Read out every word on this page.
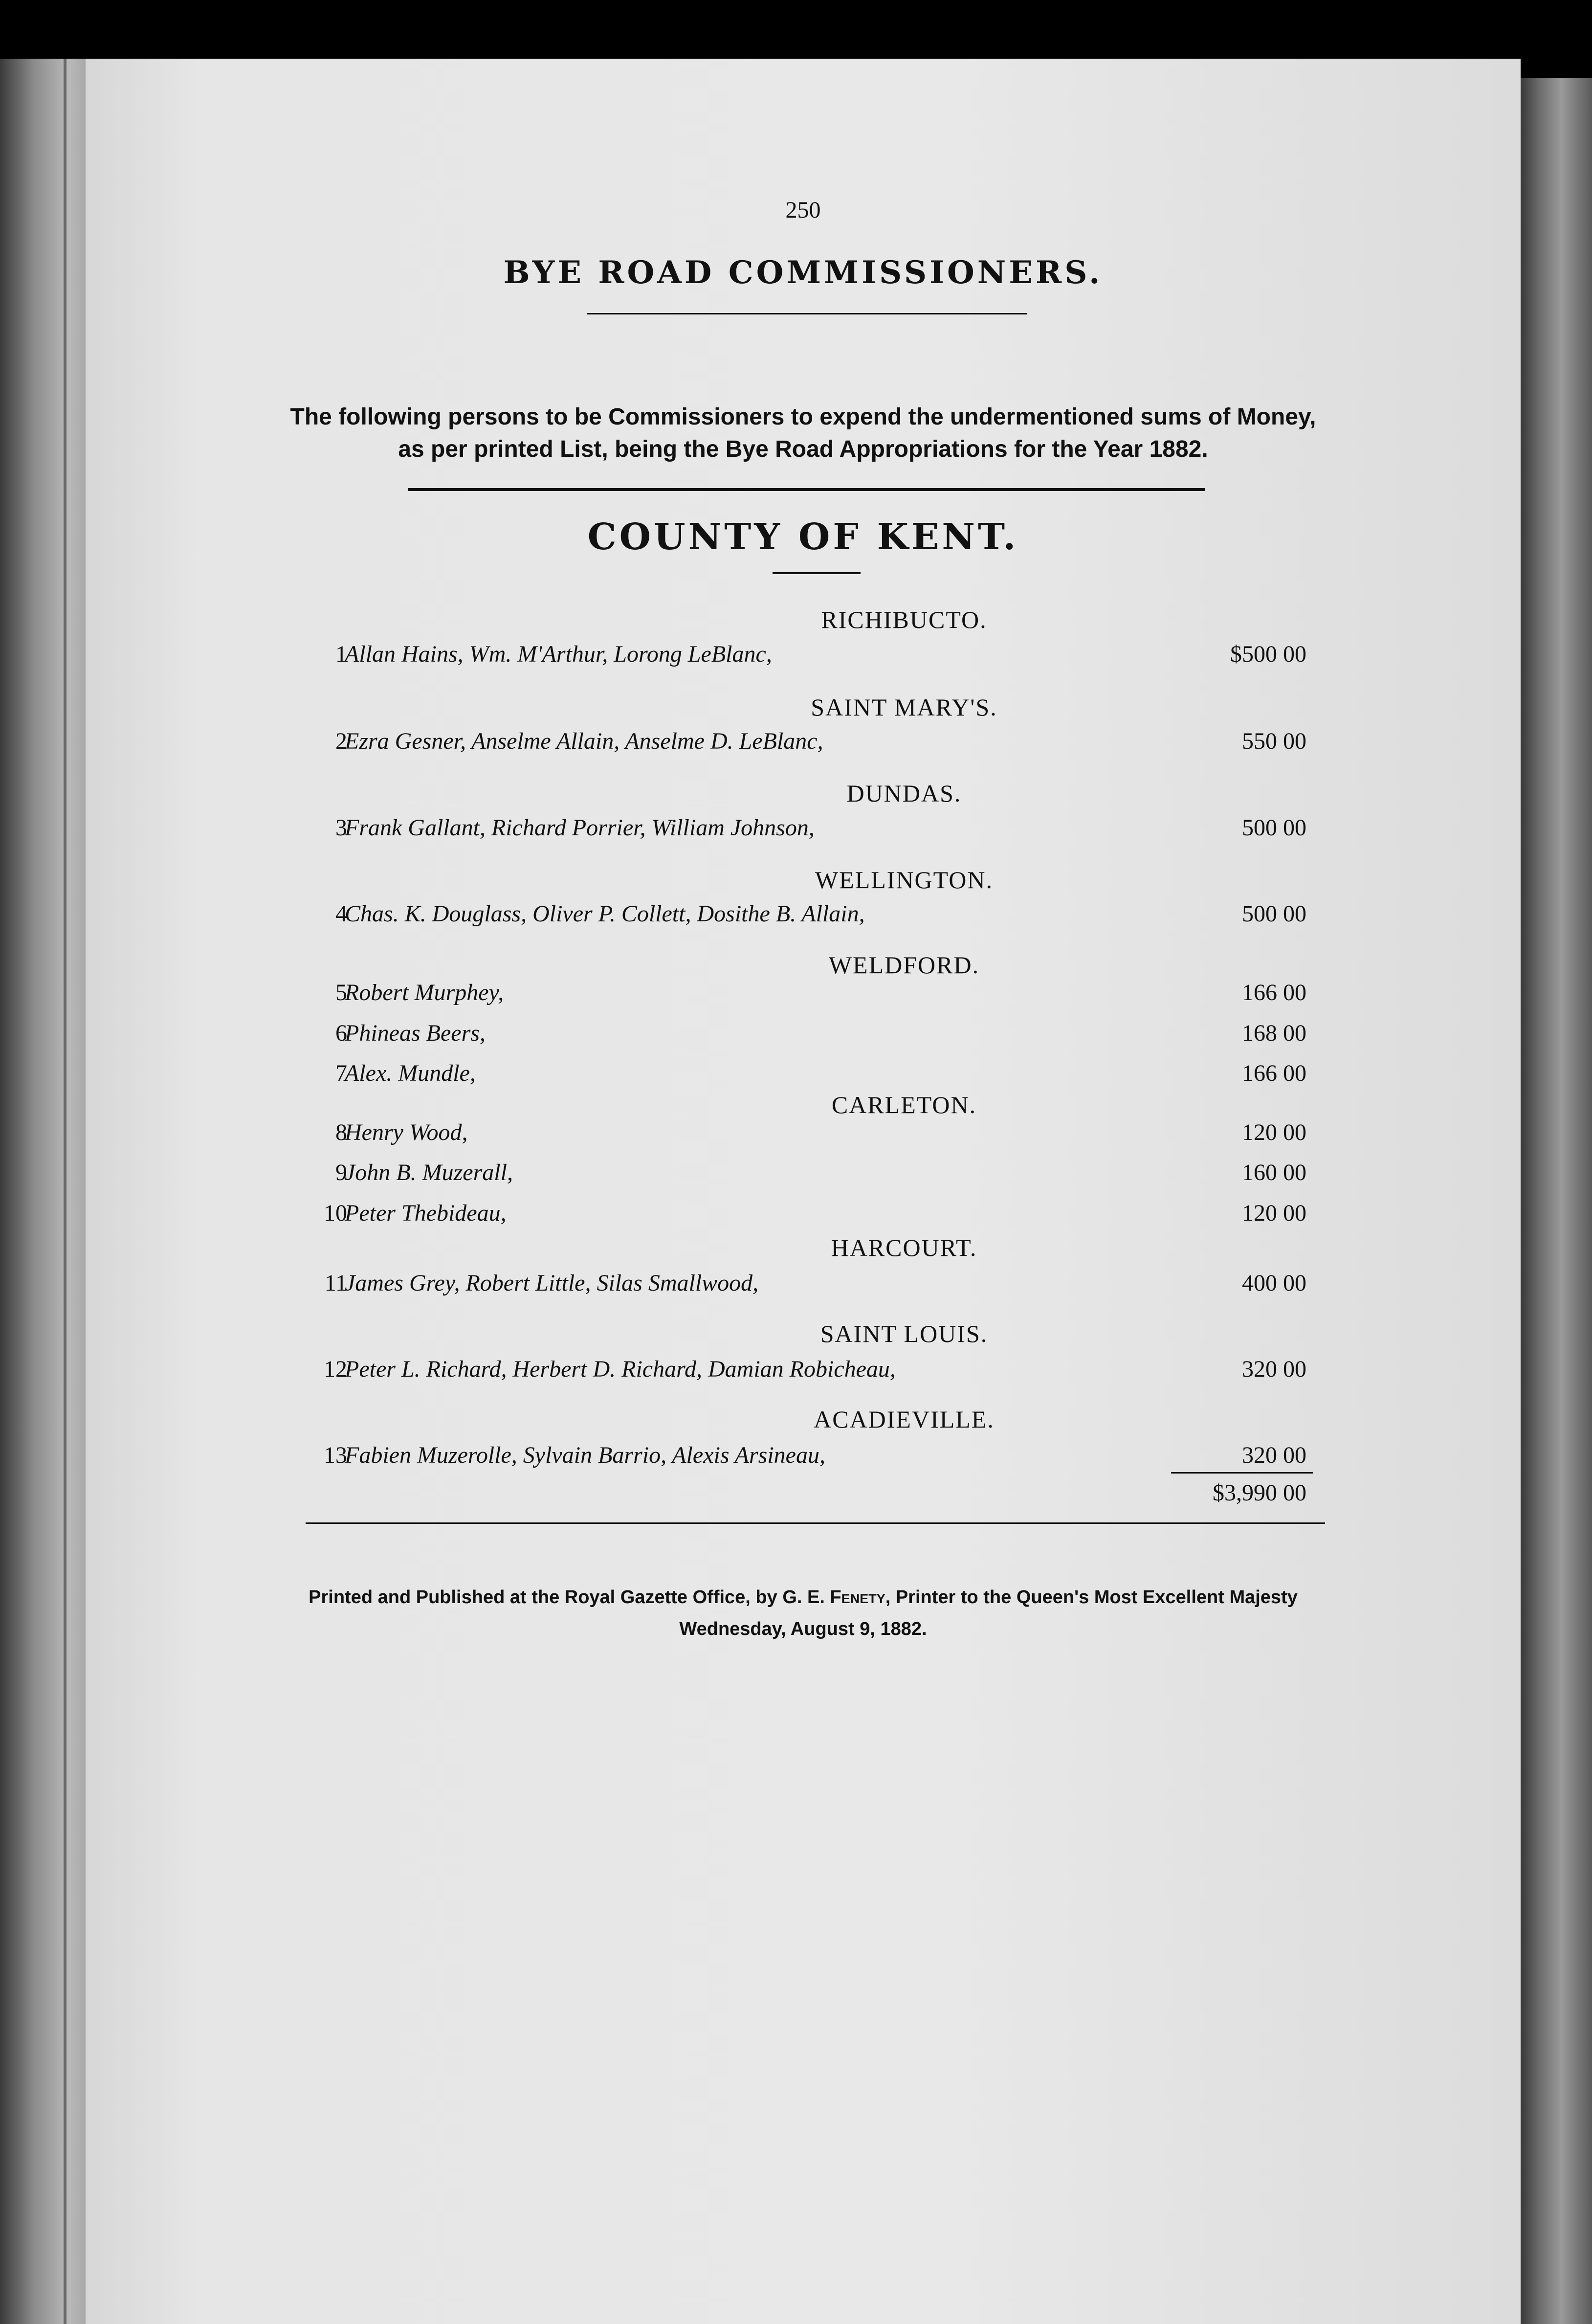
250
BYE ROAD COMMISSIONERS.
The following persons to be Commissioners to expend the undermentioned sums of Money,
as per printed List, being the Bye Road Appropriations for the Year 1882.
COUNTY OF KENT.
RICHIBUCTO.
SAINT MARY'S.
DUNDAS.
WELLINGTON.
WELDFORD.
CARLETON.
HARCOURT.
SAINT LOUIS.
ACADIEVILLE.
1
Allan Hains, Wm. M'Arthur, Lorong LeBlanc,	$500 00
2
Ezra Gesner, Anselme Allain, Anselme D. LeBlanc,	550 00
3
Frank Gallant, Richard Porrier, William Johnson,	500 00
4
Chas. K. Douglass, Oliver P. Collett, Dosithe B. Allain,	500 00
5
Robert Murphey,	166 00
6
Phineas Beers,	168 00
7
Alex. Mundle,	166 00
8
Henry Wood,	120 00
9
John B. Muzerall,	160 00
10
Peter Thebideau,	120 00
11
James Grey, Robert Little, Silas Smallwood,	400 00
12
Peter L. Richard, Herbert D. Richard, Damian Robicheau,	320 00
13
Fabien Muzerolle, Sylvain Barrio, Alexis Arsineau,	320 00
$3,990 00
Printed and Published at the Royal Gazette Office, by G. E. Fenety, Printer to the Queen's Most Excellent Majesty
Wednesday, August 9, 1882.
